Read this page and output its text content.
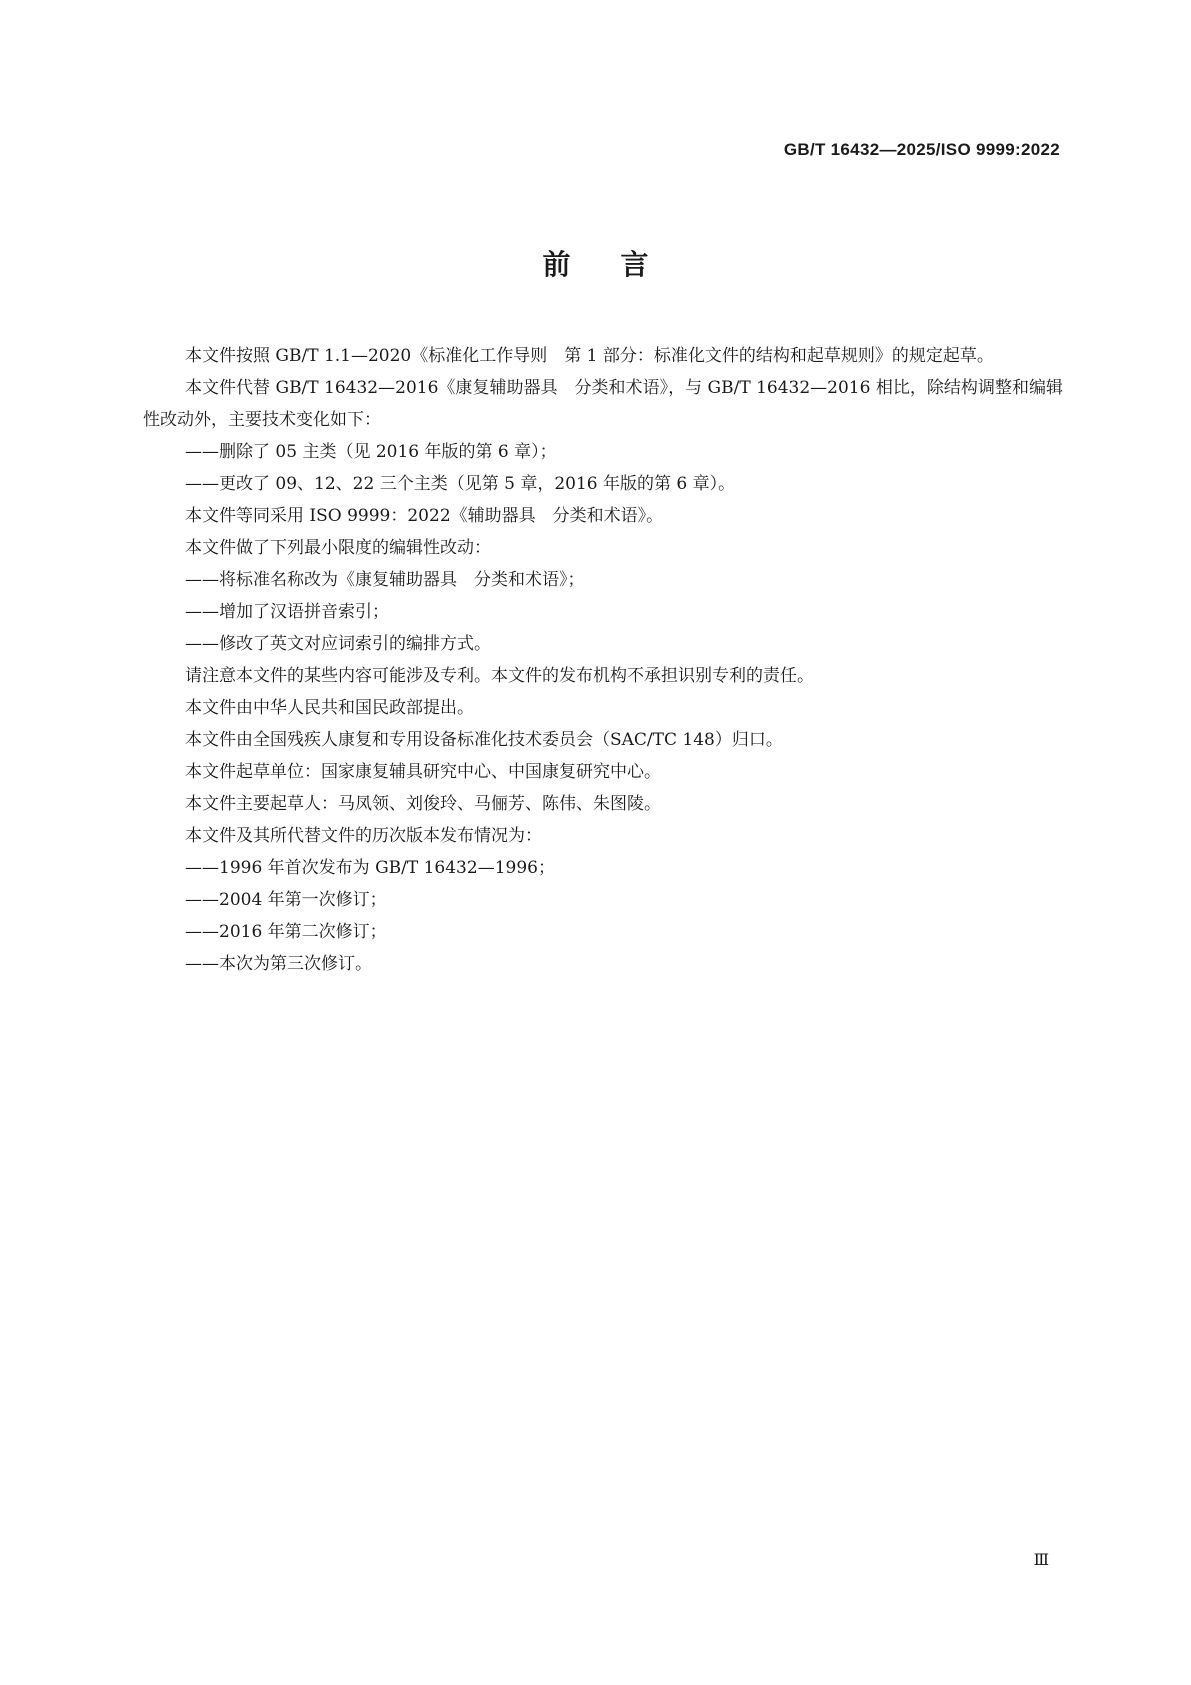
GB/T 16432—2025/ISO 9999:2022
前言

本文件按照 GB/T 1.1—2020《标准化工作导则　第 1 部分：标准化文件的结构和起草规则》的规定起草。

本文件代替 GB/T 16432—2016《康复辅助器具　分类和术语》，与 GB/T 16432—2016 相比，除结构调整和编辑性改动外，主要技术变化如下：

——删除了 05 主类（见 2016 年版的第 6 章）；

——更改了 09、12、22 三个主类（见第 5 章，2016 年版的第 6 章）。

本文件等同采用 ISO 9999：2022《辅助器具　分类和术语》。

本文件做了下列最小限度的编辑性改动：

——将标准名称改为《康复辅助器具　分类和术语》；

——增加了汉语拼音索引；

——修改了英文对应词索引的编排方式。

请注意本文件的某些内容可能涉及专利。本文件的发布机构不承担识别专利的责任。

本文件由中华人民共和国民政部提出。

本文件由全国残疾人康复和专用设备标准化技术委员会（SAC/TC 148）归口。

本文件起草单位：国家康复辅具研究中心、中国康复研究中心。

本文件主要起草人：马凤领、刘俊玲、马俪芳、陈伟、朱图陵。

本文件及其所代替文件的历次版本发布情况为：

——1996 年首次发布为 GB/T 16432—1996；

——2004 年第一次修订；

——2016 年第二次修订；

——本次为第三次修订。

Ⅲ
